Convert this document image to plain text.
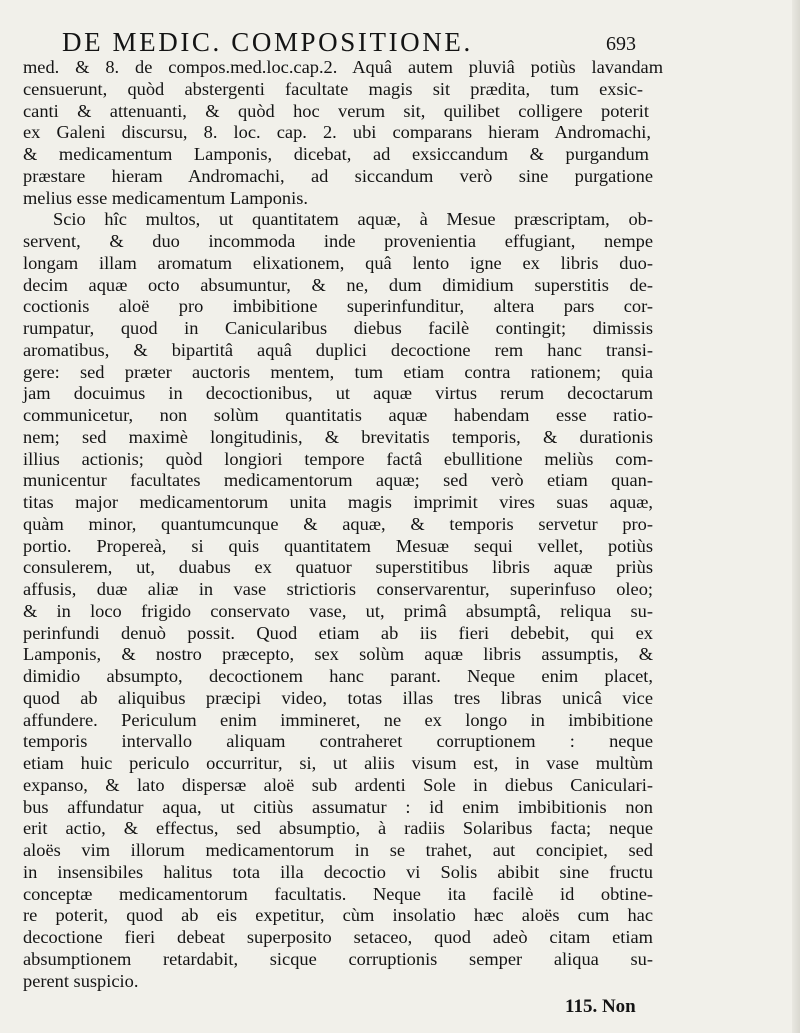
DE MEDIC. COMPOSITIONE.	693
med. & 8. de compos.med.loc.cap.2. Aquâ autem pluviâ potiùs lavandam
censuerunt, quòd abstergenti facultate magis sit prædita, tum exsic-
canti & attenuanti, & quòd hoc verum sit, quilibet colligere poterit
ex Galeni discursu, 8. loc. cap. 2. ubi comparans hieram Andromachi,
& medicamentum Lamponis, dicebat, ad exsiccandum & purgandum
præstare hieram Andromachi, ad siccandum verò sine purgatione
melius esse medicamentum Lamponis.
Scio hîc multos, ut quantitatem aquæ, à Mesue præscriptam, ob-
servent, & duo incommoda inde provenientia effugiant, nempe
longam illam aromatum elixationem, quâ lento igne ex libris duo-
decim aquæ octo absumuntur, & ne, dum dimidium superstitis de-
coctionis aloë pro imbibitione superinfunditur, altera pars cor-
rumpatur, quod in Canicularibus diebus facilè contingit; dimissis
aromatibus, & bipartitâ aquâ duplici decoctione rem hanc transi-
gere: sed præter auctoris mentem, tum etiam contra rationem; quia
jam docuimus in decoctionibus, ut aquæ virtus rerum decoctarum
communicetur, non solùm quantitatis aquæ habendam esse ratio-
nem; sed maximè longitudinis, & brevitatis temporis, & durationis
illius actionis; quòd longiori tempore factâ ebullitione meliùs com-
municentur facultates medicamentorum aquæ; sed verò etiam quan-
titas major medicamentorum unita magis imprimit vires suas aquæ,
quàm minor, quantumcunque & aquæ, & temporis servetur pro-
portio. Propereà, si quis quantitatem Mesuæ sequi vellet, potiùs
consulerem, ut, duabus ex quatuor superstitibus libris aquæ priùs
affusis, duæ aliæ in vase strictioris conservarentur, superinfuso oleo;
& in loco frigido conservato vase, ut, primâ absumptâ, reliqua su-
perinfundi denuò possit. Quod etiam ab iis fieri debebit, qui ex
Lamponis, & nostro præcepto, sex solùm aquæ libris assumptis, &
dimidio absumpto, decoctionem hanc parant. Neque enim placet,
quod ab aliquibus præcipi video, totas illas tres libras unicâ vice
affundere. Periculum enim immineret, ne ex longo in imbibitione
temporis intervallo aliquam contraheret corruptionem : neque
etiam huic periculo occurritur, si, ut aliis visum est, in vase multùm
expanso, & lato dispersæ aloë sub ardenti Sole in diebus Caniculari-
bus affundatur aqua, ut citiùs assumatur : id enim imbibitionis non
erit actio, & effectus, sed absumptio, à radiis Solaribus facta; neque
aloës vim illorum medicamentorum in se trahet, aut concipiet, sed
in insensibiles halitus tota illa decoctio vi Solis abibit sine fructu
conceptæ medicamentorum facultatis. Neque ita facilè id obtine-
re poterit, quod ab eis expetitur, cùm insolatio hæc aloës cum hac
decoctione fieri debeat superposito setaceo, quod adeò citam etiam
absumptionem retardabit, sicque corruptionis semper aliqua su-
perent suspicio.
115. Non
